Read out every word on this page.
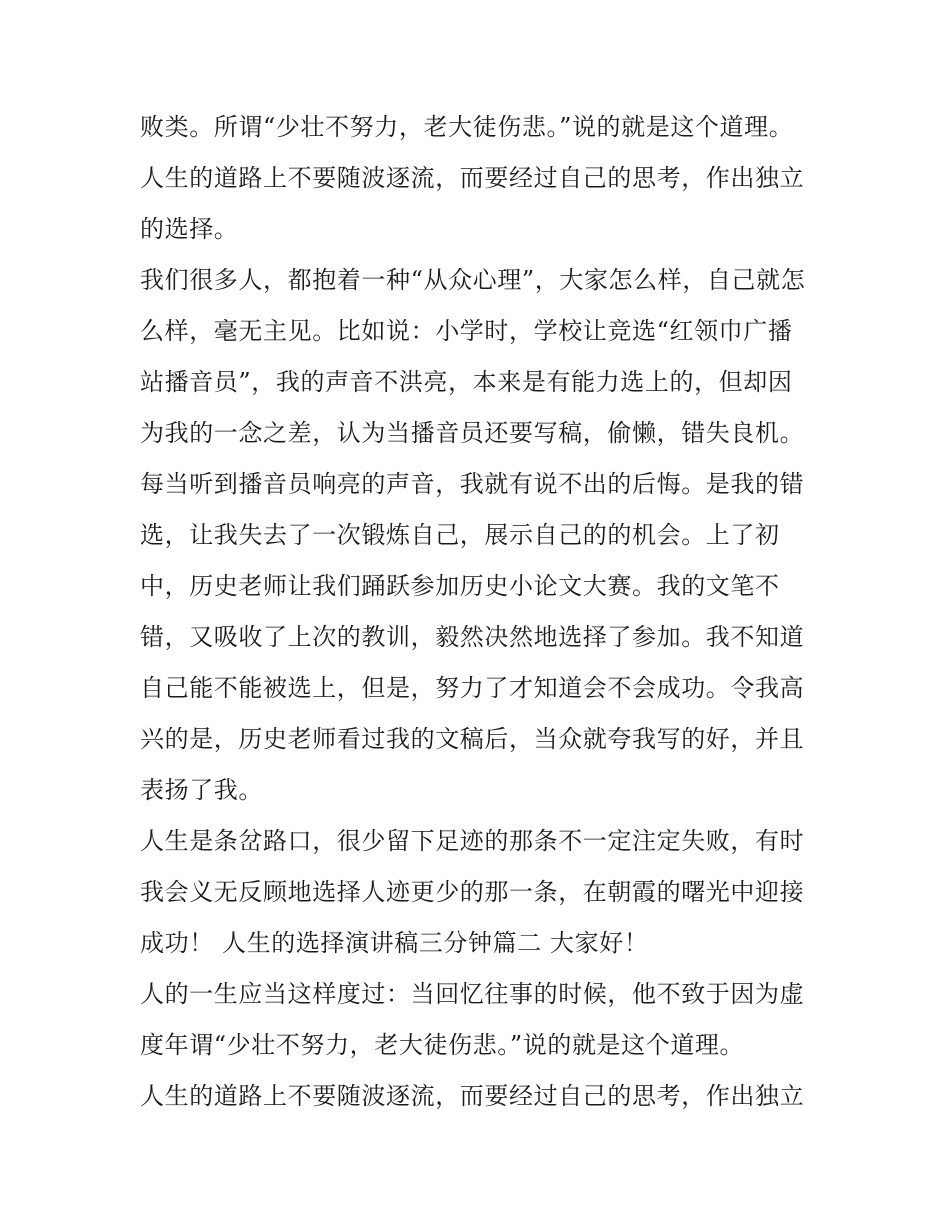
败类。所谓“少壮不努力，老大徒伤悲。”说的就是这个道理。
人生的道路上不要随波逐流，而要经过自己的思考，作出独立
的选择。
我们很多人，都抱着一种“从众心理”，大家怎么样，自己就怎
么样，毫无主见。比如说：小学时，学校让竞选“红领巾广播
站播音员”，我的声音不洪亮，本来是有能力选上的，但却因
为我的一念之差，认为当播音员还要写稿，偷懒，错失良机。
每当听到播音员响亮的声音，我就有说不出的后悔。是我的错
选，让我失去了一次锻炼自己，展示自己的的机会。上了初
中，历史老师让我们踊跃参加历史小论文大赛。我的文笔不
错，又吸收了上次的教训，毅然决然地选择了参加。我不知道
自己能不能被选上，但是，努力了才知道会不会成功。令我高
兴的是，历史老师看过我的文稿后，当众就夸我写的好，并且
表扬了我。
人生是条岔路口，很少留下足迹的那条不一定注定失败，有时
我会义无反顾地选择人迹更少的那一条，在朝霞的曙光中迎接
成功！ 人生的选择演讲稿三分钟篇二 大家好！
人的一生应当这样度过：当回忆往事的时候，他不致于因为虚
度年谓“少壮不努力，老大徒伤悲。”说的就是这个道理。
人生的道路上不要随波逐流，而要经过自己的思考，作出独立
